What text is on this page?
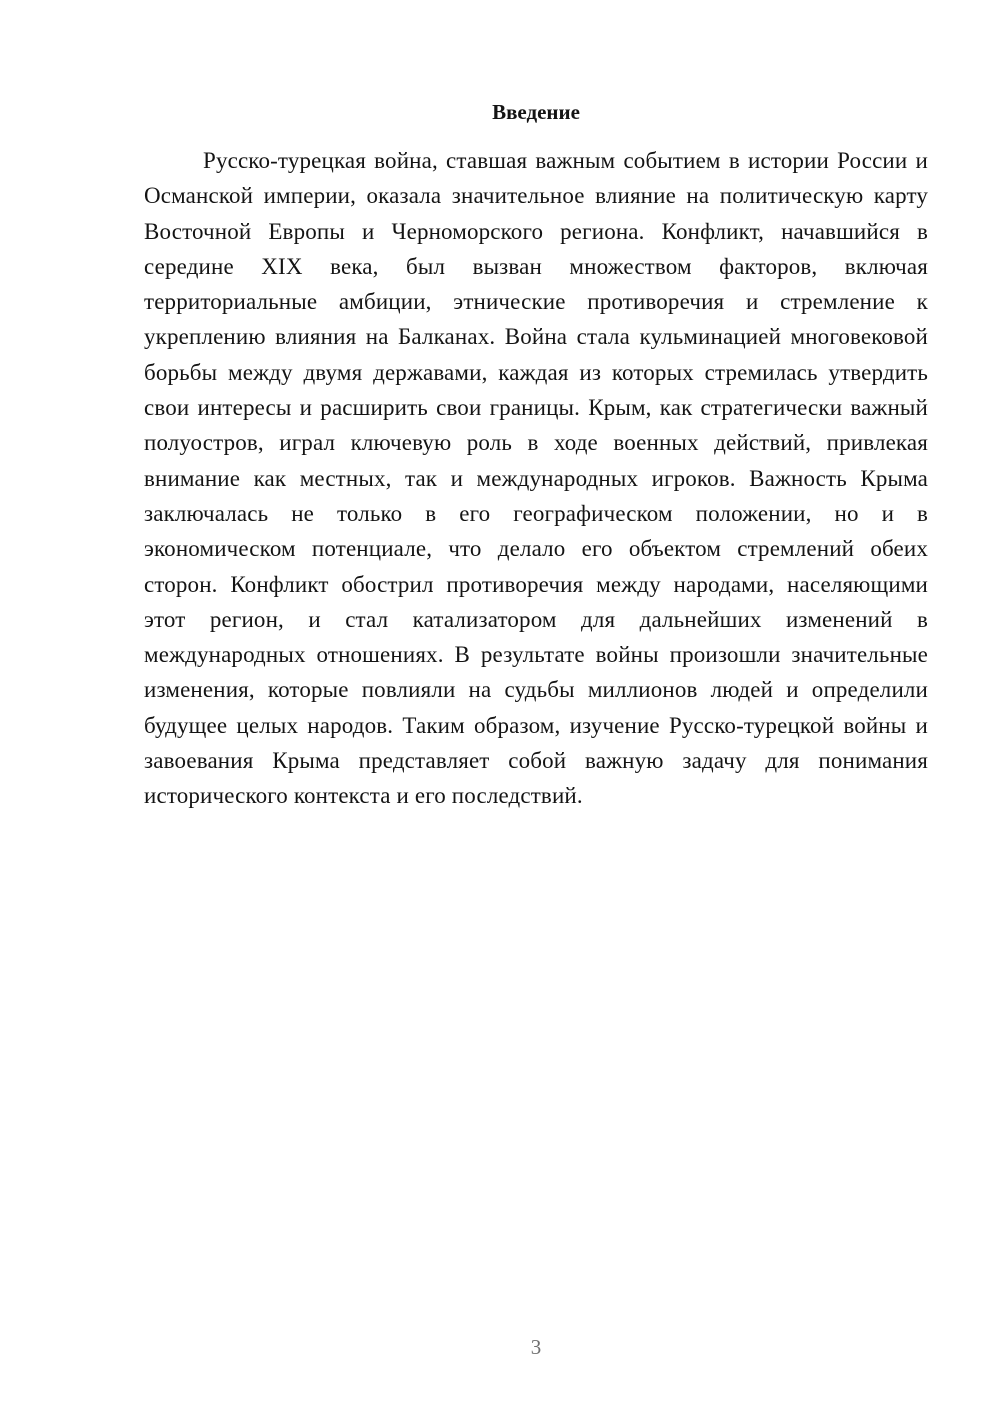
Введение

Русско-турецкая война, ставшая важным событием в истории России и Османской империи, оказала значительное влияние на политическую карту Восточной Европы и Черноморского региона. Конфликт, начавшийся в середине XIX века, был вызван множеством факторов, включая территориальные амбиции, этнические противоречия и стремление к укреплению влияния на Балканах. Война стала кульминацией многовековой борьбы между двумя державами, каждая из которых стремилась утвердить свои интересы и расширить свои границы. Крым, как стратегически важный полуостров, играл ключевую роль в ходе военных действий, привлекая внимание как местных, так и международных игроков. Важность Крыма заключалась не только в его географическом положении, но и в экономическом потенциале, что делало его объектом стремлений обеих сторон. Конфликт обострил противоречия между народами, населяющими этот регион, и стал катализатором для дальнейших изменений в международных отношениях. В результате войны произошли значительные изменения, которые повлияли на судьбы миллионов людей и определили будущее целых народов. Таким образом, изучение Русско-турецкой войны и завоевания Крыма представляет собой важную задачу для понимания исторического контекста и его последствий.

3
